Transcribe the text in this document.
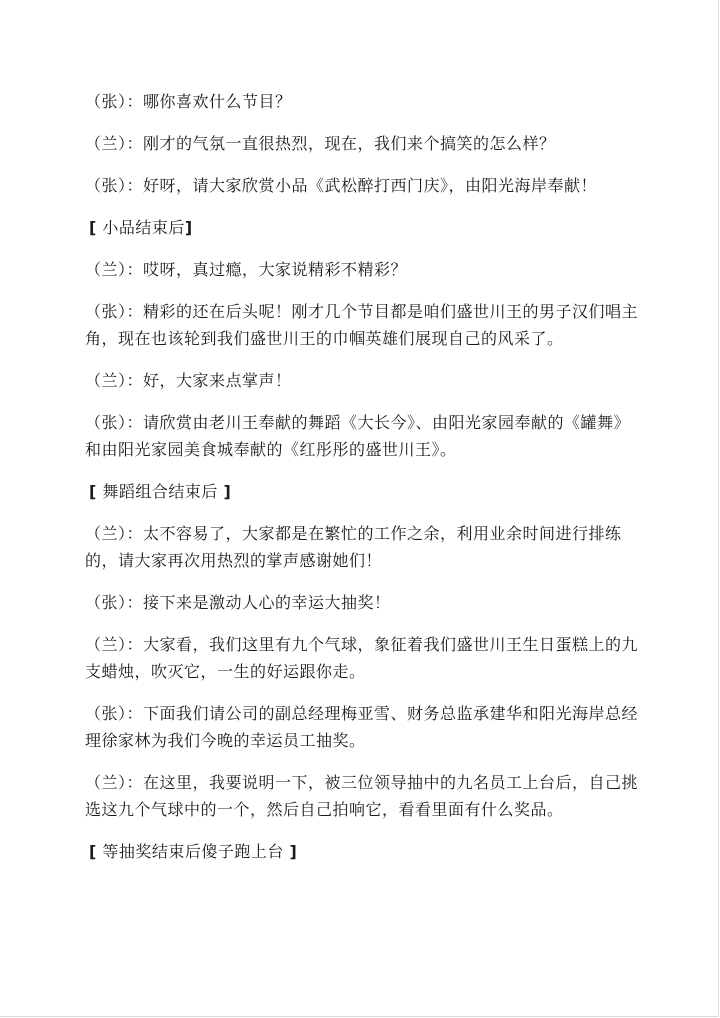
（张）：哪你喜欢什么节目？

（兰）：刚才的气氛一直很热烈，现在，我们来个搞笑的怎么样？

（张）：好呀，请大家欣赏小品《武松醉打西门庆》，由阳光海岸奉献！

[ 小品结束后]

（兰）：哎呀，真过瘾，大家说精彩不精彩？

（张）：精彩的还在后头呢！刚才几个节目都是咱们盛世川王的男子汉们唱主角，现在也该轮到我们盛世川王的巾帼英雄们展现自己的风采了。

（兰）：好，大家来点掌声！

（张）：请欣赏由老川王奉献的舞蹈《大长今》、由阳光家园奉献的《罐舞》和由阳光家园美食城奉献的《红彤彤的盛世川王》。

[ 舞蹈组合结束后 ]

（兰）：太不容易了，大家都是在繁忙的工作之余，利用业余时间进行排练的，请大家再次用热烈的掌声感谢她们！

（张）：接下来是激动人心的幸运大抽奖！

（兰）：大家看，我们这里有九个气球，象征着我们盛世川王生日蛋糕上的九支蜡烛，吹灭它，一生的好运跟你走。

（张）：下面我们请公司的副总经理梅亚雪、财务总监承建华和阳光海岸总经理徐家林为我们今晚的幸运员工抽奖。

（兰）：在这里，我要说明一下，被三位领导抽中的九名员工上台后，自己挑选这九个气球中的一个，然后自己拍响它，看看里面有什么奖品。

[ 等抽奖结束后傻子跑上台 ]
